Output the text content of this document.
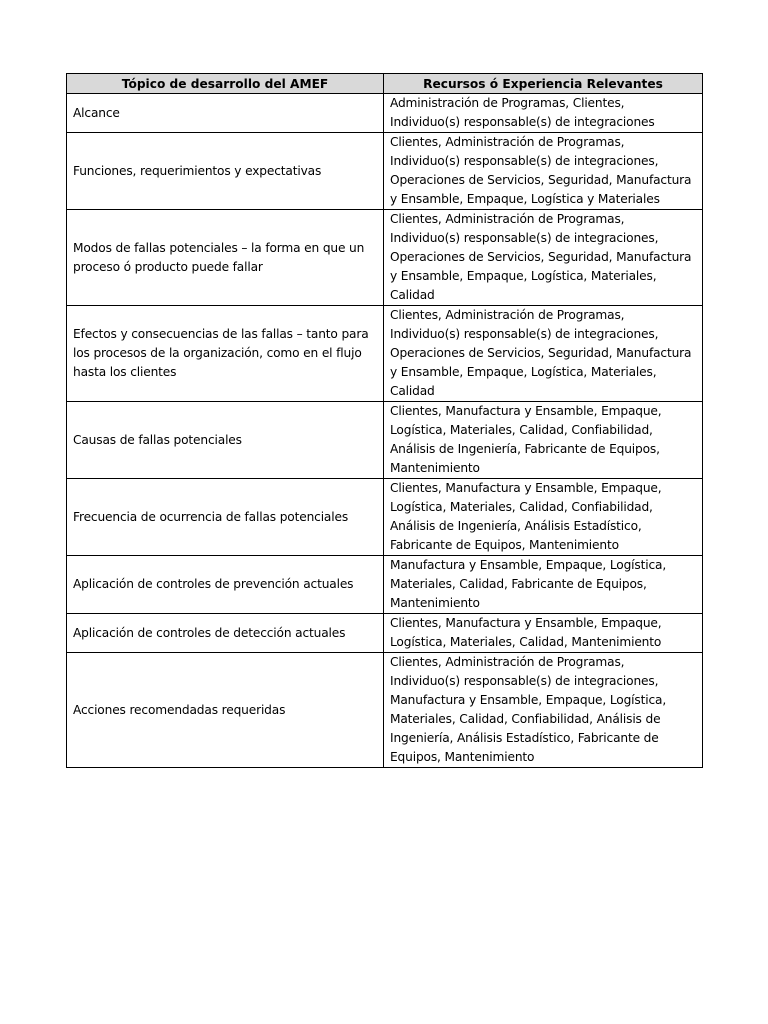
Tópico de desarrollo del AMEF	Recursos ó Experiencia Relevantes
Alcance	Administración de Programas, Clientes, Individuo(s) responsable(s) de integraciones
Funciones, requerimientos y expectativas	Clientes, Administración de Programas, Individuo(s) responsable(s) de integraciones, Operaciones de Servicios, Seguridad, Manufactura y Ensamble, Empaque, Logística y Materiales
Modos de fallas potenciales – la forma en que un proceso ó producto puede fallar	Clientes, Administración de Programas, Individuo(s) responsable(s) de integraciones, Operaciones de Servicios, Seguridad, Manufactura y Ensamble, Empaque, Logística, Materiales, Calidad
Efectos y consecuencias de las fallas – tanto para los procesos de la organización, como en el flujo hasta los clientes	Clientes, Administración de Programas, Individuo(s) responsable(s) de integraciones, Operaciones de Servicios, Seguridad, Manufactura y Ensamble, Empaque, Logística, Materiales, Calidad
Causas de fallas potenciales	Clientes, Manufactura y Ensamble, Empaque, Logística, Materiales, Calidad, Confiabilidad, Análisis de Ingeniería, Fabricante de Equipos, Mantenimiento
Frecuencia de ocurrencia de fallas potenciales	Clientes, Manufactura y Ensamble, Empaque, Logística, Materiales, Calidad, Confiabilidad, Análisis de Ingeniería, Análisis Estadístico, Fabricante de Equipos, Mantenimiento
Aplicación de controles de prevención actuales	Manufactura y Ensamble, Empaque, Logística, Materiales, Calidad, Fabricante de Equipos, Mantenimiento
Aplicación de controles de detección actuales	Clientes, Manufactura y Ensamble, Empaque, Logística, Materiales, Calidad, Mantenimiento
Acciones recomendadas requeridas	Clientes, Administración de Programas, Individuo(s) responsable(s) de integraciones, Manufactura y Ensamble, Empaque, Logística, Materiales, Calidad, Confiabilidad, Análisis de Ingeniería, Análisis Estadístico, Fabricante de Equipos, Mantenimiento
